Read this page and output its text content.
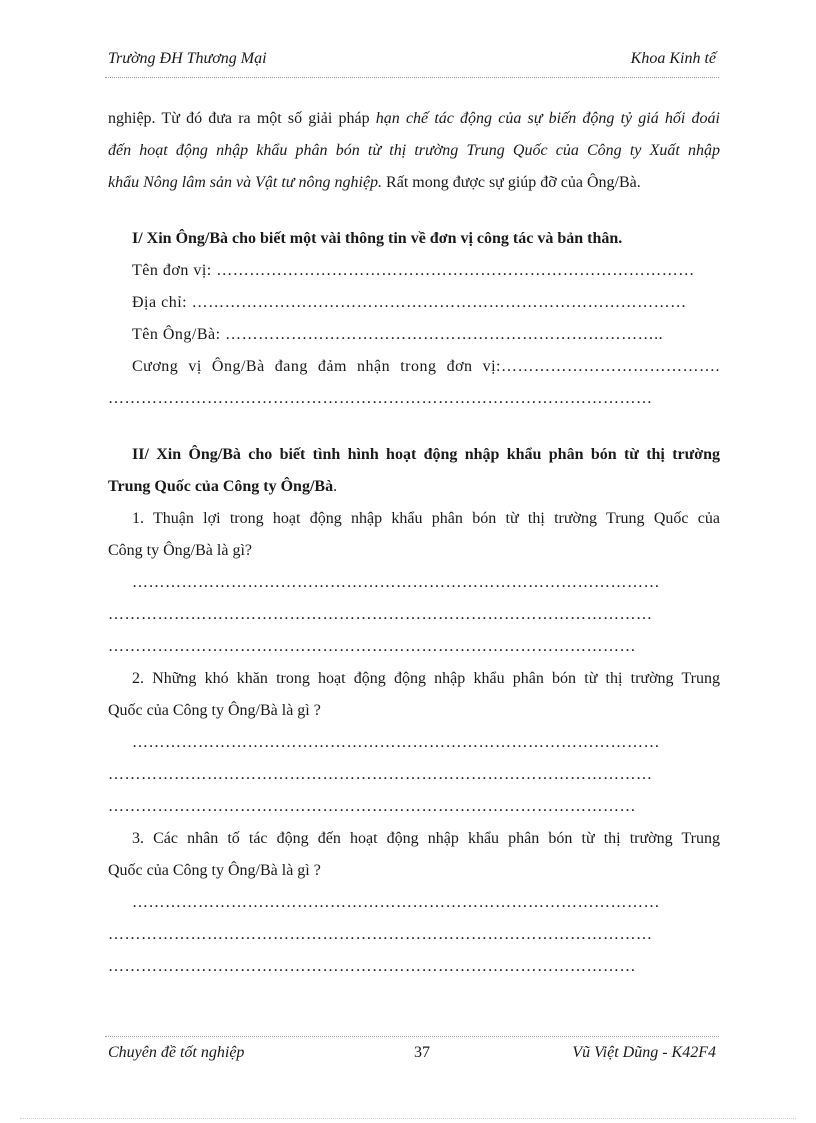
Trường ĐH Thương Mại	Khoa Kinh tế
nghiệp. Từ đó đưa ra một số giải pháp hạn chế tác động của sự biến động tỷ giá hối đoái
đến hoạt động nhập khẩu phân bón từ thị trường Trung Quốc của Công ty Xuất nhập
khẩu Nông lâm sản và Vật tư nông nghiệp. Rất mong được sự giúp đỡ của Ông/Bà.
I/ Xin Ông/Bà cho biết một vài thông tin về đơn vị công tác và bản thân.
Tên đơn vị: ……………………………………………………………………………
Địa chỉ: ………………………………………………………………………………
Tên Ông/Bà: ……………………………………………………………………..
Cương vị Ông/Bà đang đảm nhận trong đơn vị:………………………………….
………………………………………………………………………………………
II/ Xin Ông/Bà cho biết tình hình hoạt động nhập khẩu phân bón từ thị trường
Trung Quốc của Công ty Ông/Bà.
1. Thuận lợi trong hoạt động nhập khẩu phân bón từ thị trường Trung Quốc của
Công ty Ông/Bà là gì?
……………………………………………………………………………………
………………………………………………………………………………………
……………………………………………………………………………………
2. Những khó khăn trong hoạt động động nhập khẩu phân bón từ thị trường Trung
Quốc của Công ty Ông/Bà là gì ?
……………………………………………………………………………………
………………………………………………………………………………………
……………………………………………………………………………………
3. Các nhân tố tác động đến hoạt động nhập khẩu phân bón từ thị trường Trung
Quốc của Công ty Ông/Bà là gì ?
……………………………………………………………………………………
………………………………………………………………………………………
……………………………………………………………………………………
Chuyên đề tốt nghiệp	37	Vũ Việt Dũng - K42F4
